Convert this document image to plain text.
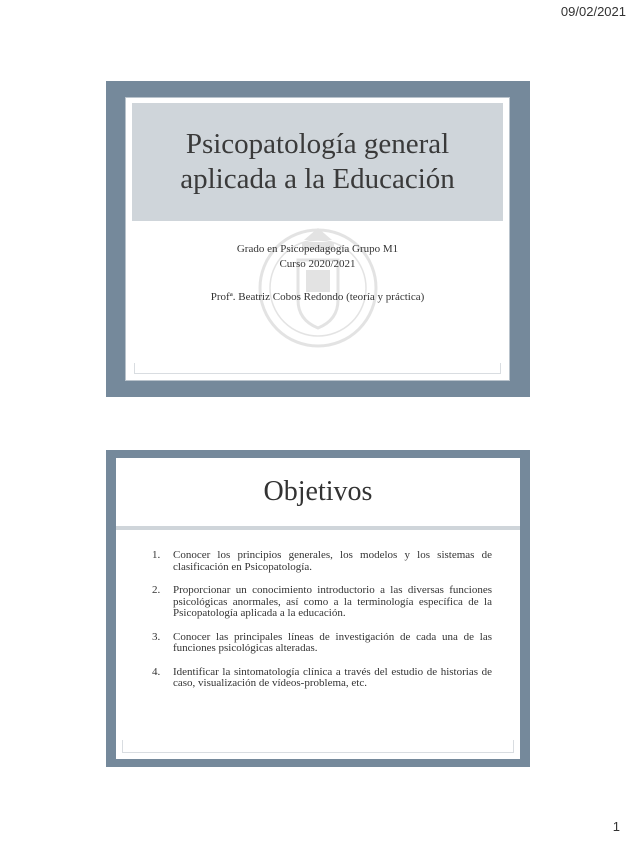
09/02/2021
Psicopatología general
aplicada a la Educación
Grado en Psicopedagogía Grupo M1
Curso 2020/2021
Profª. Beatriz Cobos Redondo (teoría y práctica)
Objetivos
1.	Conocer los principios generales, los modelos y los sistemas de clasificación en Psicopatología.
2.	Proporcionar un conocimiento introductorio a las diversas funciones psicológicas anormales, así como a la terminología específica de la Psicopatología aplicada a la educación.
3.	Conocer las principales líneas de investigación de cada una de las funciones psicológicas alteradas.
4.	Identificar la sintomatología clínica a través del estudio de historias de caso, visualización de vídeos-problema, etc.
1
